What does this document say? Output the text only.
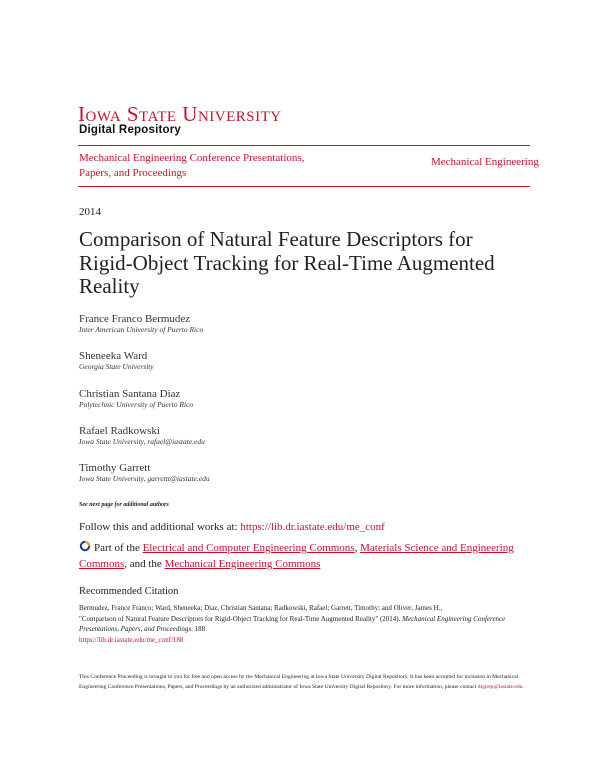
Iowa State University
Digital Repository
Mechanical Engineering Conference Presentations, Papers, and Proceedings
Mechanical Engineering
2014
Comparison of Natural Feature Descriptors for Rigid-Object Tracking for Real-Time Augmented Reality
France Franco Bermudez
Inter American University of Puerto Rico
Sheneeka Ward
Georgia State University
Christian Santana Diaz
Polytechnic University of Puerto Rico
Rafael Radkowski
Iowa State University, rafael@iastate.edu
Timothy Garrett
Iowa State University, garrettt@iastate.edu
See next page for additional authors
Follow this and additional works at: https://lib.dr.iastate.edu/me_conf
Part of the Electrical and Computer Engineering Commons, Materials Science and Engineering Commons, and the Mechanical Engineering Commons
Recommended Citation
Bermudez, France Franco; Ward, Sheneeka; Diaz, Christian Santana; Radkowski, Rafael; Garrett, Timothy; and Oliver, James H.,
"Comparison of Natural Feature Descriptors for Rigid-Object Tracking for Real-Time Augmented Reality" (2014). Mechanical Engineering Conference Presentations, Papers, and Proceedings. 188.
https://lib.dr.iastate.edu/me_conf/188
This Conference Proceeding is brought to you for free and open access by the Mechanical Engineering at Iowa State University Digital Repository. It has been accepted for inclusion in Mechanical Engineering Conference Presentations, Papers, and Proceedings by an authorized administrator of Iowa State University Digital Repository. For more information, please contact digirep@iastate.edu.
